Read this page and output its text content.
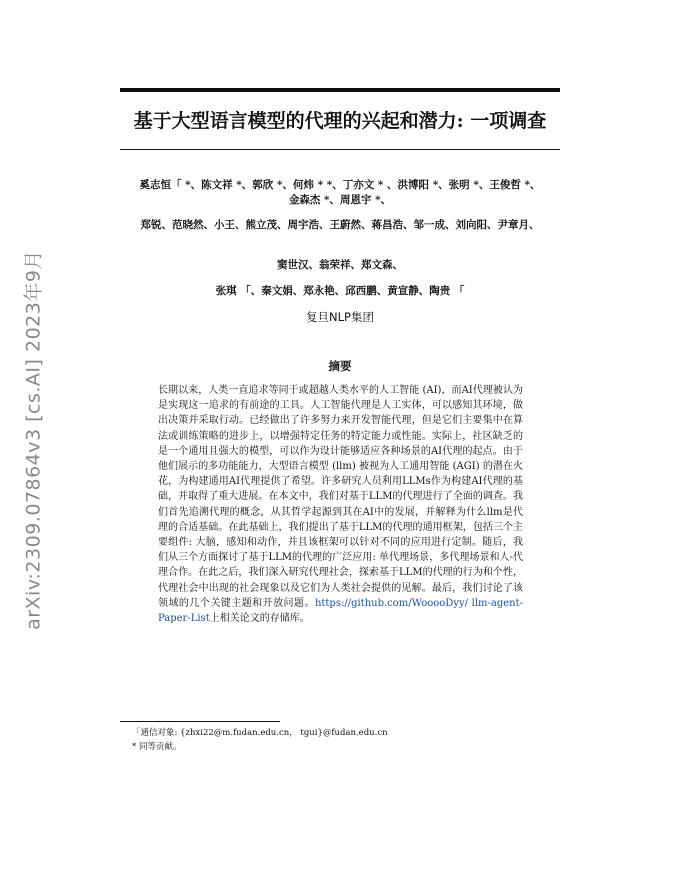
arXiv:2309.07864v3 [cs.AI] 2023年9月
基于大型语言模型的代理的兴起和潜力: 一项调查
奚志恒「 *、陈文祥 *、郭欣 *、何炜 * *、丁亦文 * 、洪博阳 *、张明 *、王俊哲 *、金森杰 *、周恩宇 *、
郑锐、范晓然、小王、熊立茂、周宇浩、王蔚然、蒋昌浩、邹一成、刘向阳、尹章月、
窦世汉、翁荣祥、郑文森、
张琪 「、秦文娟、郑永艳、邱西鹏、黄宣静、陶贵 「
复旦NLP集团
摘要
长期以来，人类一直追求等同于或超越人类水平的人工智能 (AI)，而AI代理被认为是实现这一追求的有前途的工具。人工智能代理是人工实体，可以感知其环境，做出决策并采取行动。已经做出了许多努力来开发智能代理，但是它们主要集中在算法或训练策略的进步上，以增强特定任务的特定能力或性能。实际上，社区缺乏的是一个通用且强大的模型，可以作为设计能够适应各种场景的AI代理的起点。由于他们展示的多功能能力，大型语言模型 (llm) 被视为人工通用智能 (AGI) 的潜在火花，为构建通用AI代理提供了希望。许多研究人员利用LLMs作为构建AI代理的基础，并取得了重大进展。在本文中，我们对基于LLM的代理进行了全面的调查。我们首先追溯代理的概念，从其哲学起源到其在AI中的发展，并解释为什么llm是代理的合适基础。在此基础上，我们提出了基于LLM的代理的通用框架，包括三个主要组件: 大脑，感知和动作，并且该框架可以针对不同的应用进行定制。随后，我们从三个方面探讨了基于LLM的代理的广泛应用: 单代理场景，多代理场景和人-代理合作。在此之后，我们深入研究代理社会，探索基于LLM的代理的行为和个性，代理社会中出现的社会现象以及它们为人类社会提供的见解。最后，我们讨论了该领域的几个关键主题和开放问题。https://github.com/WooooDyy/ llm-agent-Paper-List上相关论文的存储库。
「通信对象: {zhxi22@m.fudan.edu.cn， tgui}@fudan.edu.cn
* 同等贡献。
